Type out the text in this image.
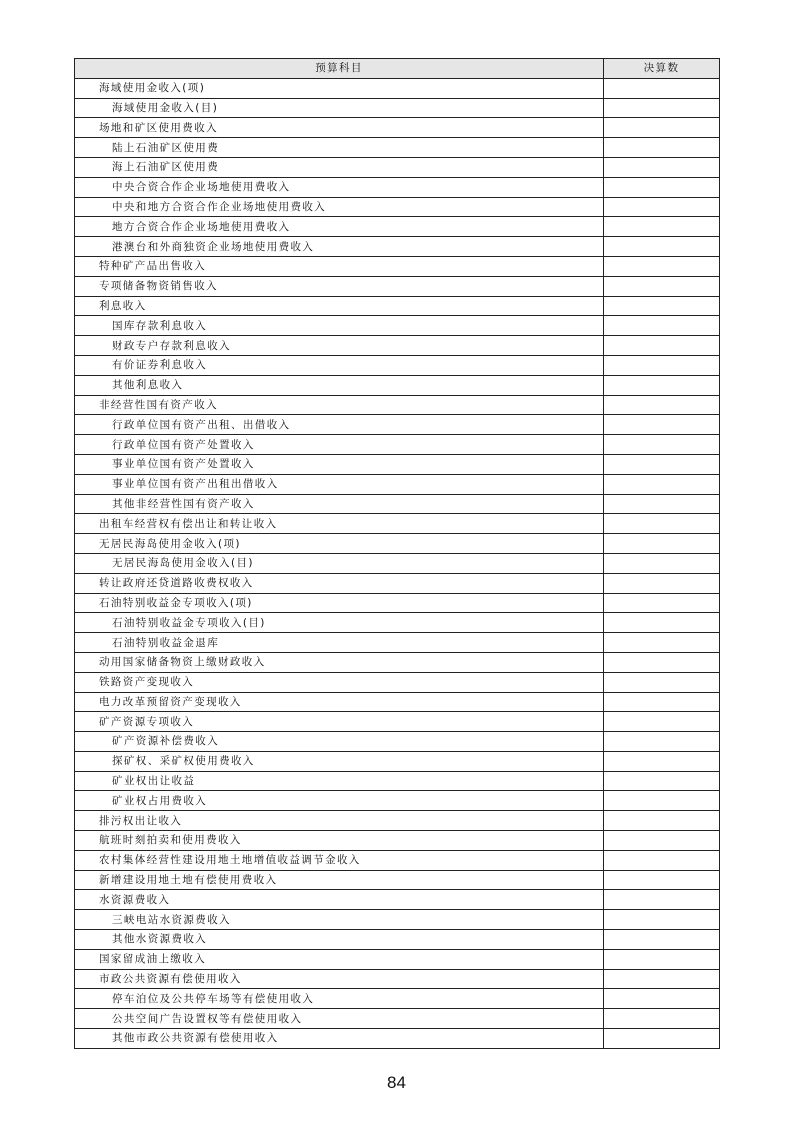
预算科目	决算数
海域使用金收入(项)	
海域使用金收入(目)	
场地和矿区使用费收入	
陆上石油矿区使用费	
海上石油矿区使用费	
中央合资合作企业场地使用费收入	
中央和地方合资合作企业场地使用费收入	
地方合资合作企业场地使用费收入	
港澳台和外商独资企业场地使用费收入	
特种矿产品出售收入	
专项储备物资销售收入	
利息收入	
国库存款利息收入	
财政专户存款利息收入	
有价证券利息收入	
其他利息收入	
非经营性国有资产收入	
行政单位国有资产出租、出借收入	
行政单位国有资产处置收入	
事业单位国有资产处置收入	
事业单位国有资产出租出借收入	
其他非经营性国有资产收入	
出租车经营权有偿出让和转让收入	
无居民海岛使用金收入(项)	
无居民海岛使用金收入(目)	
转让政府还贷道路收费权收入	
石油特别收益金专项收入(项)	
石油特别收益金专项收入(目)	
石油特别收益金退库	
动用国家储备物资上缴财政收入	
铁路资产变现收入	
电力改革预留资产变现收入	
矿产资源专项收入	
矿产资源补偿费收入	
探矿权、采矿权使用费收入	
矿业权出让收益	
矿业权占用费收入	
排污权出让收入	
航班时刻拍卖和使用费收入	
农村集体经营性建设用地土地增值收益调节金收入	
新增建设用地土地有偿使用费收入	
水资源费收入	
三峡电站水资源费收入	
其他水资源费收入	
国家留成油上缴收入	
市政公共资源有偿使用收入	
停车泊位及公共停车场等有偿使用收入	
公共空间广告设置权等有偿使用收入	
其他市政公共资源有偿使用收入	
84
